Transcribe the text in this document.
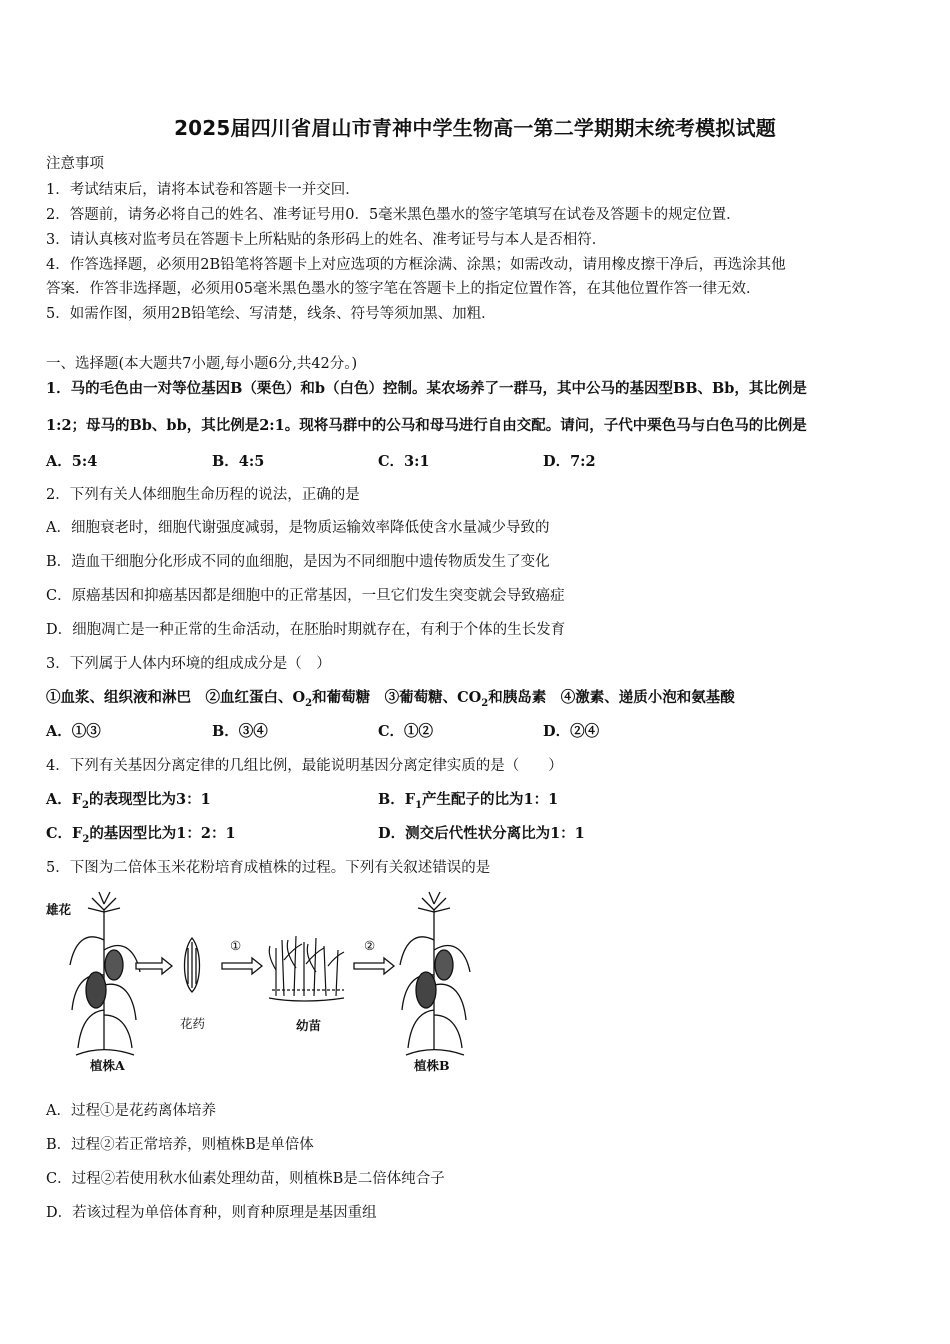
2025届四川省眉山市青神中学生物高一第二学期期末统考模拟试题
注意事项
1．考试结束后，请将本试卷和答题卡一并交回．
2．答题前，请务必将自己的姓名、准考证号用0．5毫米黑色墨水的签字笔填写在试卷及答题卡的规定位置．
3．请认真核对监考员在答题卡上所粘贴的条形码上的姓名、准考证号与本人是否相符．
4．作答选择题，必须用2B铅笔将答题卡上对应选项的方框涂满、涂黑；如需改动，请用橡皮擦干净后，再选涂其他
答案．作答非选择题，必须用05毫米黑色墨水的签字笔在答题卡上的指定位置作答，在其他位置作答一律无效．
5．如需作图，须用2B铅笔绘、写清楚，线条、符号等须加黑、加粗．
一、选择题(本大题共7小题,每小题6分,共42分。)
1．马的毛色由一对等位基因B（栗色）和b（白色）控制。某农场养了一群马，其中公马的基因型BB、Bb，其比例是
1:2；母马的Bb、bb，其比例是2:1。现将马群中的公马和母马进行自由交配。请问，子代中栗色马与白色马的比例是
A．5:4	B．4:5	C．3:1	D．7:2
2．下列有关人体细胞生命历程的说法，正确的是
A．细胞衰老时，细胞代谢强度减弱，是物质运输效率降低使含水量减少导致的
B．造血干细胞分化形成不同的血细胞，是因为不同细胞中遗传物质发生了变化
C．原癌基因和抑癌基因都是细胞中的正常基因，一旦它们发生突变就会导致癌症
D．细胞凋亡是一种正常的生命活动，在胚胎时期就存在，有利于个体的生长发育
3．下列属于人体内环境的组成成分是（　）
①血浆、组织液和淋巴　②血红蛋白、$O_2$和葡萄糖　③葡萄糖、$CO_2$和胰岛素　④激素、递质小泡和氨基酸
A．①③	B．③④	C．①②	D．②④
4．下列有关基因分离定律的几组比例，最能说明基因分离定律实质的是（　　）
A．$F_2$的表现型比为3：1	B．$F_1$产生配子的比为1：1
C．$F_2$的基因型比为1：2：1	D．测交后代性状分离比为1：1
5．下图为二倍体玉米花粉培育成植株的过程。下列有关叙述错误的是
雄花
①	②
花药	幼苗
植株A	植株B
A．过程①是花药离体培养
B．过程②若正常培养，则植株B是单倍体
C．过程②若使用秋水仙素处理幼苗，则植株B是二倍体纯合子
D．若该过程为单倍体育种，则育种原理是基因重组
